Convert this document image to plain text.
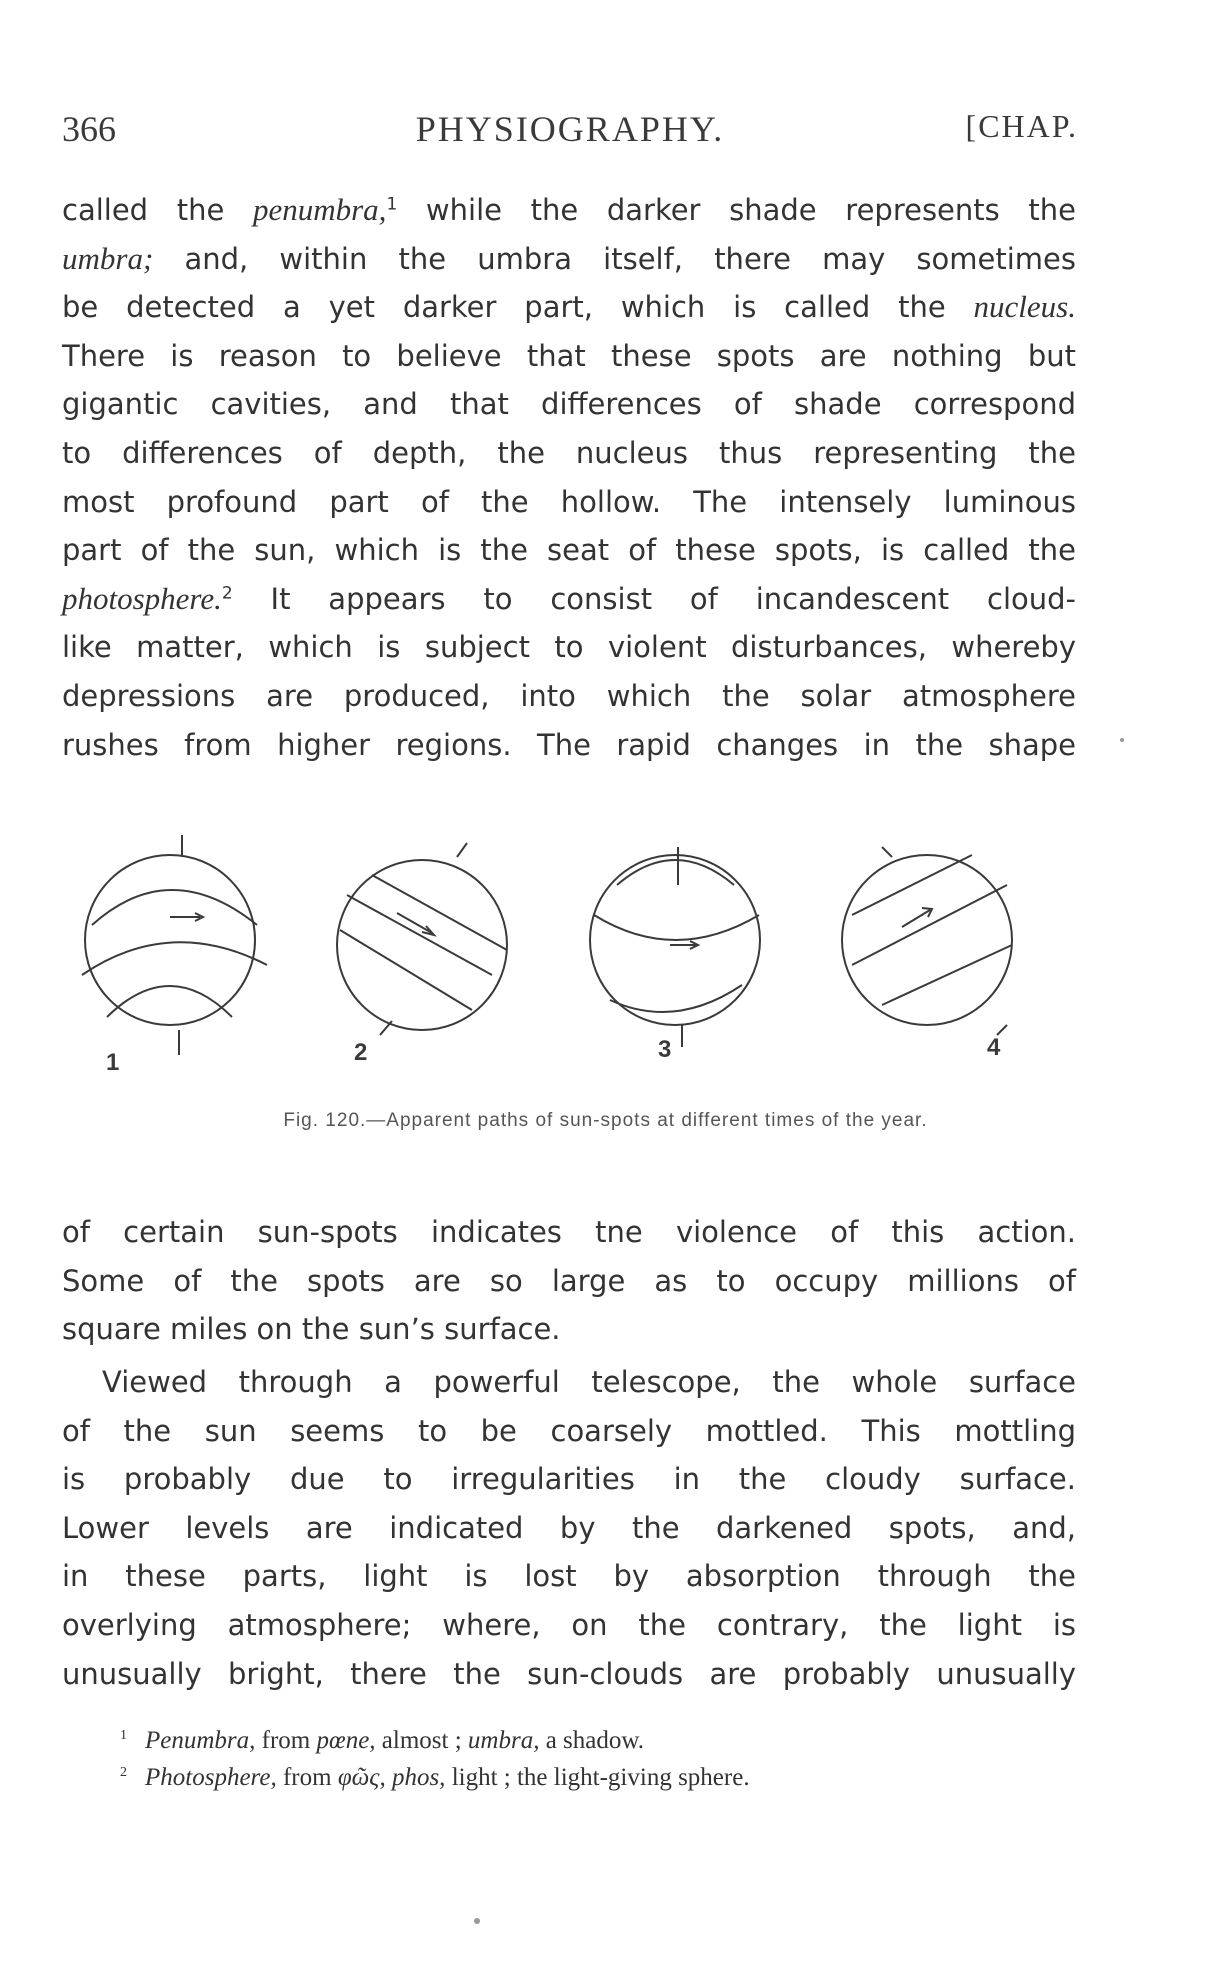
366	PHYSIOGRAPHY.	[CHAP.
called the penumbra,$^1$ while the darker shade represents the
umbra; and, within the umbra itself, there may sometimes
be detected a yet darker part, which is called the nucleus.
There is reason to believe that these spots are nothing but
gigantic cavities, and that differences of shade correspond
to differences of depth, the nucleus thus representing the
most profound part of the hollow. The intensely luminous
part of the sun, which is the seat of these spots, is called the
photosphere.$^2$ It appears to consist of incandescent cloud-
like matter, which is subject to violent disturbances, whereby
depressions are produced, into which the solar atmosphere
rushes from higher regions. The rapid changes in the shape
1	2	3	4
Fig. 120.—Apparent paths of sun-spots at different times of the year.
of certain sun-spots indicates tne violence of this action.
Some of the spots are so large as to occupy millions of
square miles on the sun’s surface.
Viewed through a powerful telescope, the whole surface
of the sun seems to be coarsely mottled. This mottling
is probably due to irregularities in the cloudy surface.
Lower levels are indicated by the darkened spots, and,
in these parts, light is lost by absorption through the
overlying atmosphere; where, on the contrary, the light is
unusually bright, there the sun-clouds are probably unusually
$^1$ Penumbra, from pœne, almost ; umbra, a shadow.
$^2$ Photosphere, from φῶς, phos, light ; the light-giving sphere.
